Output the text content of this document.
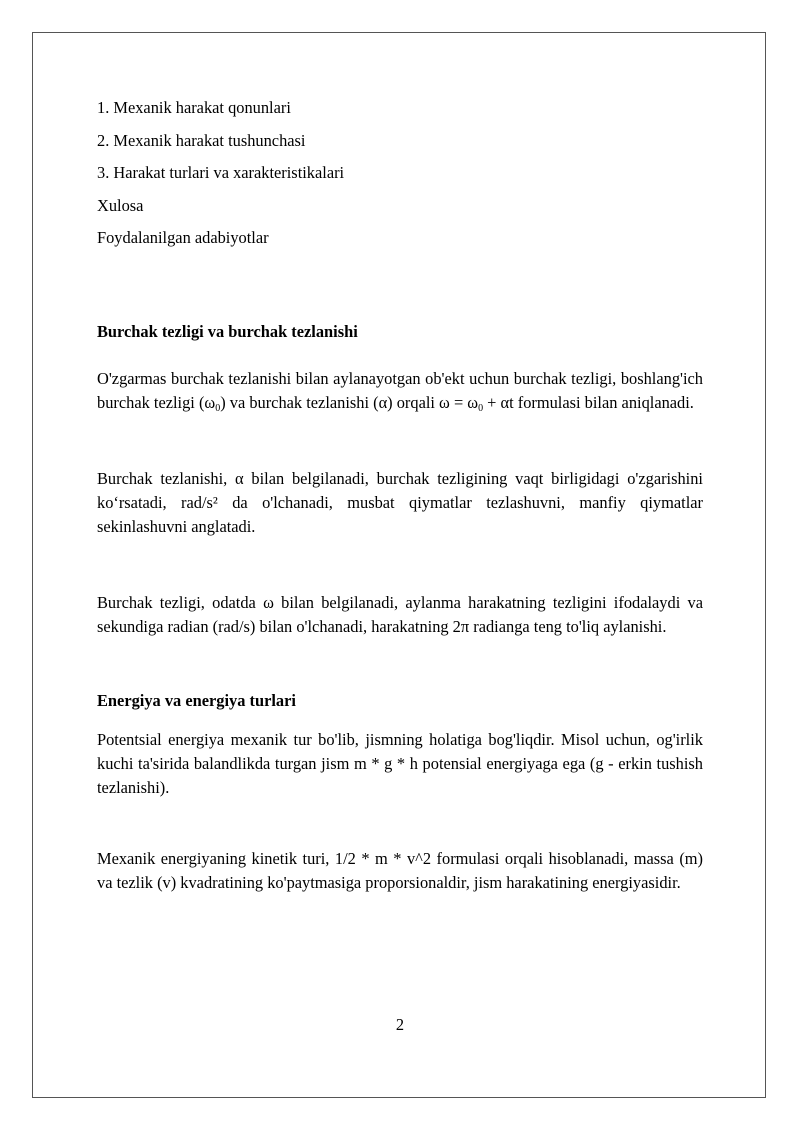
1. Mexanik harakat qonunlari
2. Mexanik harakat tushunchasi
3. Harakat turlari va xarakteristikalari
Xulosa
Foydalanilgan adabiyotlar
Burchak tezligi va burchak tezlanishi

O'zgarmas burchak tezlanishi bilan aylanayotgan ob'ekt uchun burchak tezligi, boshlang'ich burchak tezligi $(\omega_0)$ va burchak tezlanishi (α) orqali $\omega = \omega_0 + \alpha t$ formulasi bilan aniqlanadi.

Burchak tezlanishi, α bilan belgilanadi, burchak tezligining vaqt birligidagi o'zgarishini koʻrsatadi, rad/s² da o'lchanadi, musbat qiymatlar tezlashuvni, manfiy qiymatlar sekinlashuvni anglatadi.

Burchak tezligi, odatda ω bilan belgilanadi, aylanma harakatning tezligini ifodalaydi va sekundiga radian (rad/s) bilan o'lchanadi, harakatning 2π radianga teng to'liq aylanishi.

Energiya va energiya turlari

Potentsial energiya mexanik tur bo'lib, jismning holatiga bog'liqdir. Misol uchun, og'irlik kuchi ta'sirida balandlikda turgan jism m * g * h potensial energiyaga ega (g - erkin tushish tezlanishi).

Mexanik energiyaning kinetik turi, 1/2 * m * v^2 formulasi orqali hisoblanadi, massa (m) va tezlik (v) kvadratining ko'paytmasiga proporsionaldir, jism harakatining energiyasidir.

2
